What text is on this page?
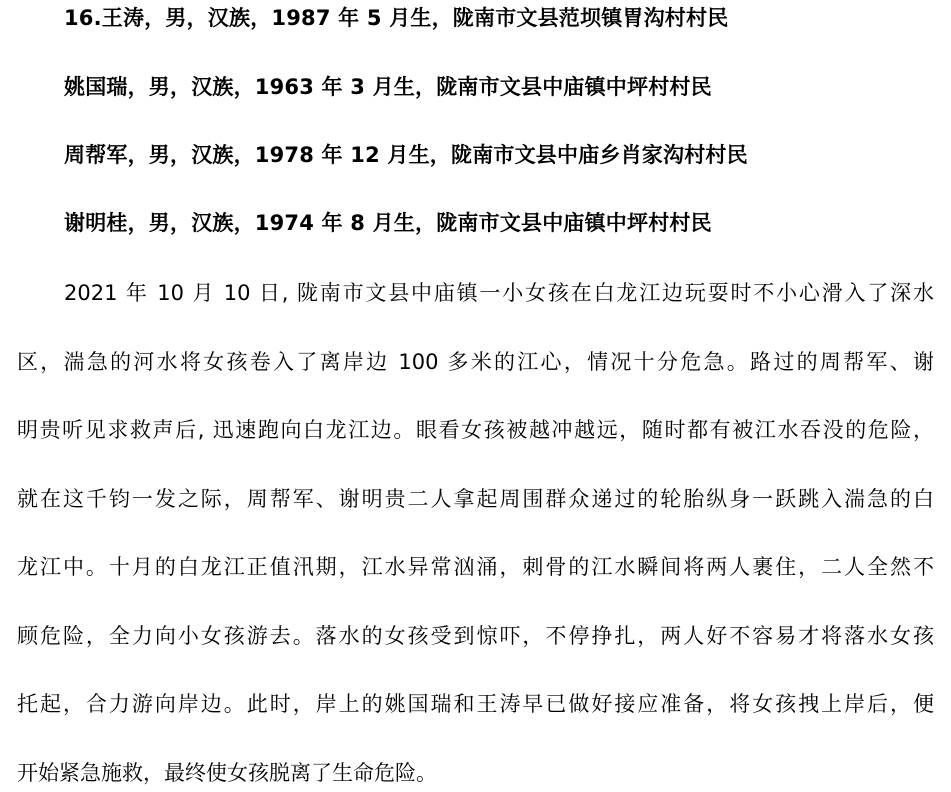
16.王涛，男，汉族，1987 年 5 月生，陇南市文县范坝镇胃沟村村民
姚国瑞，男，汉族，1963 年 3 月生，陇南市文县中庙镇中坪村村民
周帮军，男，汉族，1978 年 12 月生，陇南市文县中庙乡肖家沟村村民
谢明桂，男，汉族，1974 年 8 月生，陇南市文县中庙镇中坪村村民
2021 年 10 月 10 日, 陇南市文县中庙镇一小女孩在白龙江边玩耍时不小心滑入了深水
区，湍急的河水将女孩卷入了离岸边 100 多米的江心，情况十分危急。路过的周帮军、谢
明贵听见求救声后, 迅速跑向白龙江边。眼看女孩被越冲越远，随时都有被江水吞没的危险，
就在这千钧一发之际，周帮军、谢明贵二人拿起周围群众递过的轮胎纵身一跃跳入湍急的白
龙江中。十月的白龙江正值汛期，江水异常汹涌，刺骨的江水瞬间将两人裹住，二人全然不
顾危险，全力向小女孩游去。落水的女孩受到惊吓，不停挣扎，两人好不容易才将落水女孩
托起，合力游向岸边。此时，岸上的姚国瑞和王涛早已做好接应准备，将女孩拽上岸后，便
开始紧急施救，最终使女孩脱离了生命危险。
